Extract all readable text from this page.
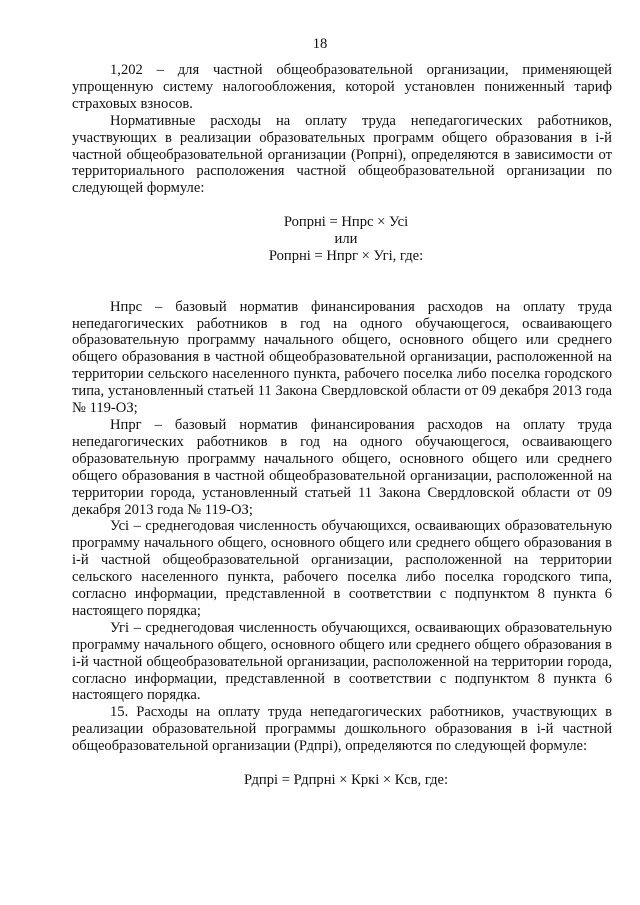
18

1,202 – для частной общеобразовательной организации, применяющей упрощенную систему налогообложения, которой установлен пониженный тариф страховых взносов.

Нормативные расходы на оплату труда непедагогических работников, участвующих в реализации образовательных программ общего образования в i-й частной общеобразовательной организации (Ропрні), определяются в зависимости от территориального расположения частной общеобразовательной организации по следующей формуле:

Ропрні = Нпрс × Усі

или

Ропрні = Нпрг × Угі, где:

Нпрс – базовый норматив финансирования расходов на оплату труда непедагогических работников в год на одного обучающегося, осваивающего образовательную программу начального общего, основного общего или среднего общего образования в частной общеобразовательной организации, расположенной на территории сельского населенного пункта, рабочего поселка либо поселка городского типа, установленный статьей 11 Закона Свердловской области от 09 декабря 2013 года № 119-ОЗ;

Нпрг – базовый норматив финансирования расходов на оплату труда непедагогических работников в год на одного обучающегося, осваивающего образовательную программу начального общего, основного общего или среднего общего образования в частной общеобразовательной организации, расположенной на территории города, установленный статьей 11 Закона Свердловской области от 09 декабря 2013 года № 119-ОЗ;

Усі – среднегодовая численность обучающихся, осваивающих образовательную программу начального общего, основного общего или среднего общего образования в і-й частной общеобразовательной организации, расположенной на территории сельского населенного пункта, рабочего поселка либо поселка городского типа, согласно информации, представленной в соответствии с подпунктом 8 пункта 6 настоящего порядка;

Угі – среднегодовая численность обучающихся, осваивающих образовательную программу начального общего, основного общего или среднего общего образования в і-й частной общеобразовательной организации, расположенной на территории города, согласно информации, представленной в соответствии с подпунктом 8 пункта 6 настоящего порядка.

15. Расходы на оплату труда непедагогических работников, участвующих в реализации образовательной программы дошкольного образования в і-й частной общеобразовательной организации (Рдпрі), определяются по следующей формуле:

Рдпрі = Рдпрні × Кркі × Ксв, где:
